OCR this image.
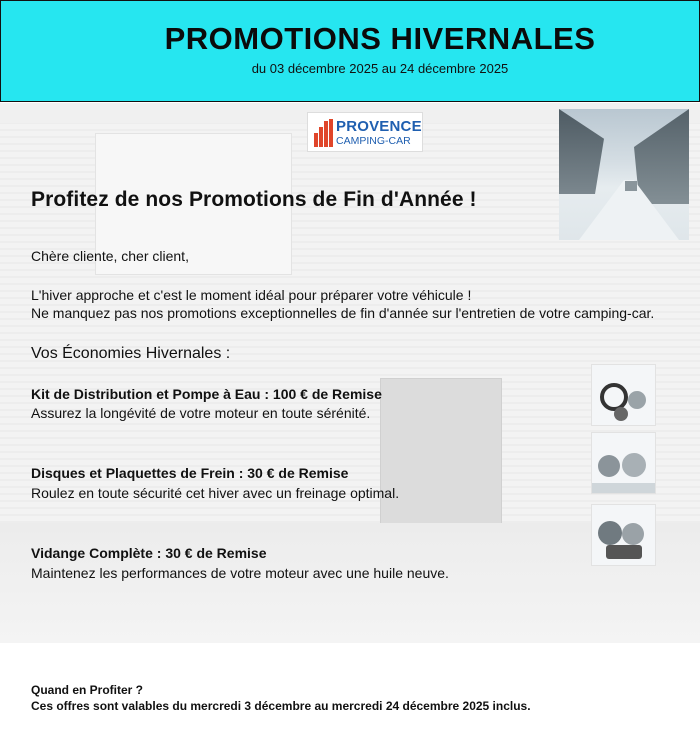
PROMOTIONS HIVERNALES
du 03 décembre 2025 au 24 décembre 2025
PROVENCE
CAMPING-CAR
Profitez de nos Promotions de Fin d'Année !
Chère cliente, cher client,
L'hiver approche et c'est le moment idéal pour préparer votre véhicule !
Ne manquez pas nos promotions exceptionnelles de fin d'année sur l'entretien de votre camping-car.
Vos Économies Hivernales :
Kit de Distribution et Pompe à Eau : 100 € de Remise
Assurez la longévité de votre moteur en toute sérénité.
Disques et Plaquettes de Frein : 30 € de Remise
Roulez en toute sécurité cet hiver avec un freinage optimal.
Vidange Complète : 30 € de Remise
Maintenez les performances de votre moteur avec une huile neuve.
Quand en Profiter ?
Ces offres sont valables du mercredi 3 décembre au mercredi 24 décembre 2025 inclus.
